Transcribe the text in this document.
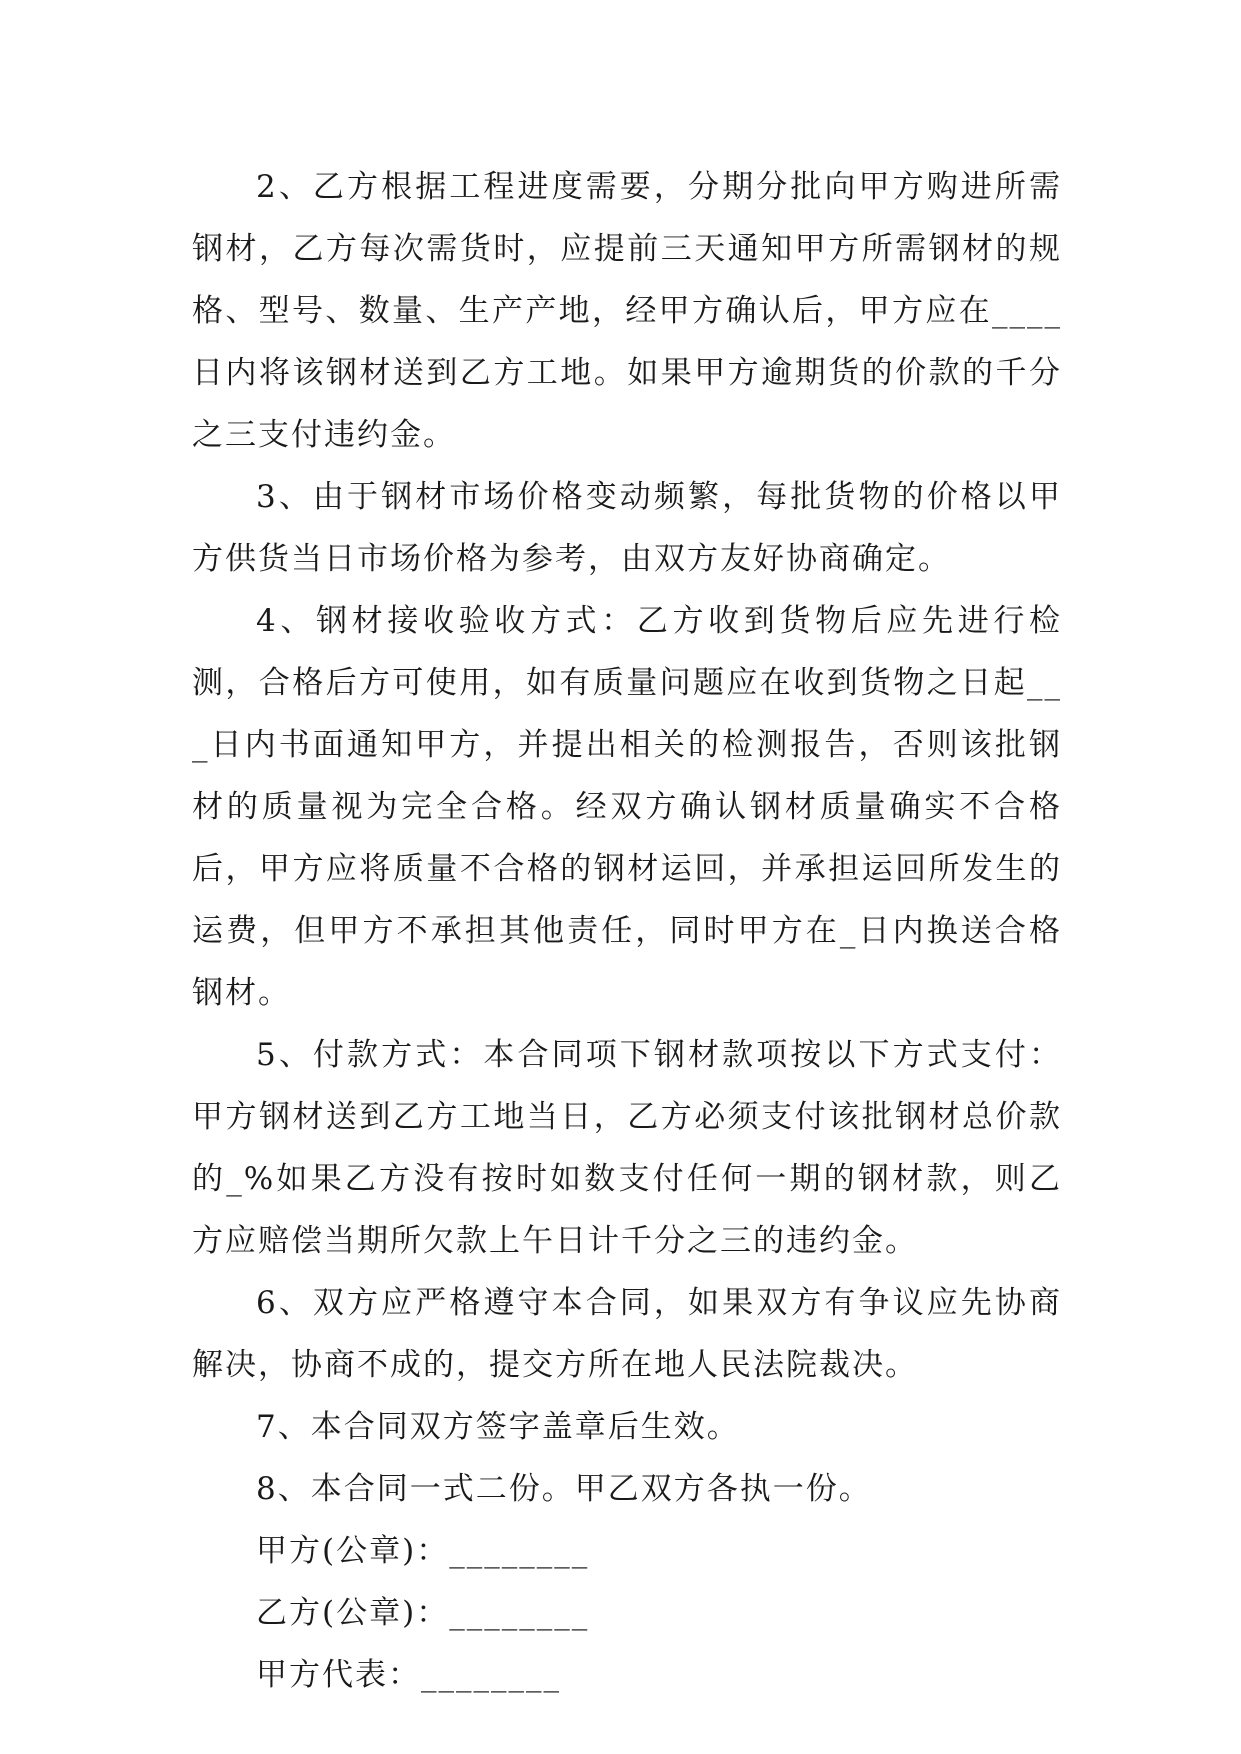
2、乙方根据工程进度需要，分期分批向甲方购进所需钢材，乙方每次需货时，应提前三天通知甲方所需钢材的规格、型号、数量、生产产地，经甲方确认后，甲方应在____日内将该钢材送到乙方工地。如果甲方逾期货的价款的千分之三支付违约金。

3、由于钢材市场价格变动频繁，每批货物的价格以甲方供货当日市场价格为参考，由双方友好协商确定。

4、钢材接收验收方式：乙方收到货物后应先进行检测，合格后方可使用，如有质量问题应在收到货物之日起___日内书面通知甲方，并提出相关的检测报告，否则该批钢材的质量视为完全合格。经双方确认钢材质量确实不合格后，甲方应将质量不合格的钢材运回，并承担运回所发生的运费，但甲方不承担其他责任，同时甲方在_日内换送合格钢材。

5、付款方式：本合同项下钢材款项按以下方式支付：甲方钢材送到乙方工地当日，乙方必须支付该批钢材总价款的_%如果乙方没有按时如数支付任何一期的钢材款，则乙方应赔偿当期所欠款上午日计千分之三的违约金。

6、双方应严格遵守本合同，如果双方有争议应先协商解决，协商不成的，提交方所在地人民法院裁决。

7、本合同双方签字盖章后生效。

8、本合同一式二份。甲乙双方各执一份。

甲方(公章)：________

乙方(公章)：________

甲方代表：________
